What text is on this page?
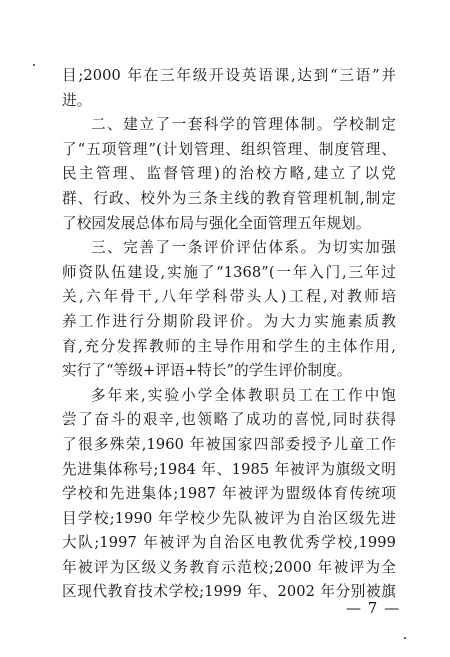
目;2000 年在三年级开设英语课,达到“三语”并
进。
二、建立了一套科学的管理体制。学校制定
了“五项管理”(计划管理、组织管理、制度管理、
民主管理、监督管理)的治校方略,建立了以党
群、行政、校外为三条主线的教育管理机制,制定
了校园发展总体布局与强化全面管理五年规划。
三、完善了一条评价评估体系。为切实加强
师资队伍建设,实施了“1368”(一年入门,三年过
关,六年骨干,八年学科带头人)工程,对教师培
养工作进行分期阶段评价。为大力实施素质教
育,充分发挥教师的主导作用和学生的主体作用,
实行了“等级+评语+特长”的学生评价制度。
多年来,实验小学全体教职员工在工作中饱
尝了奋斗的艰辛,也领略了成功的喜悦,同时获得
了很多殊荣,1960 年被国家四部委授予儿童工作
先进集体称号;1984 年、1985 年被评为旗级文明
学校和先进集体;1987 年被评为盟级体育传统项
目学校;1990 年学校少先队被评为自治区级先进
大队;1997 年被评为自治区电教优秀学校,1999
年被评为区级义务教育示范校;2000 年被评为全
区现代教育技术学校;1999 年、2002 年分别被旗
— 7 —
